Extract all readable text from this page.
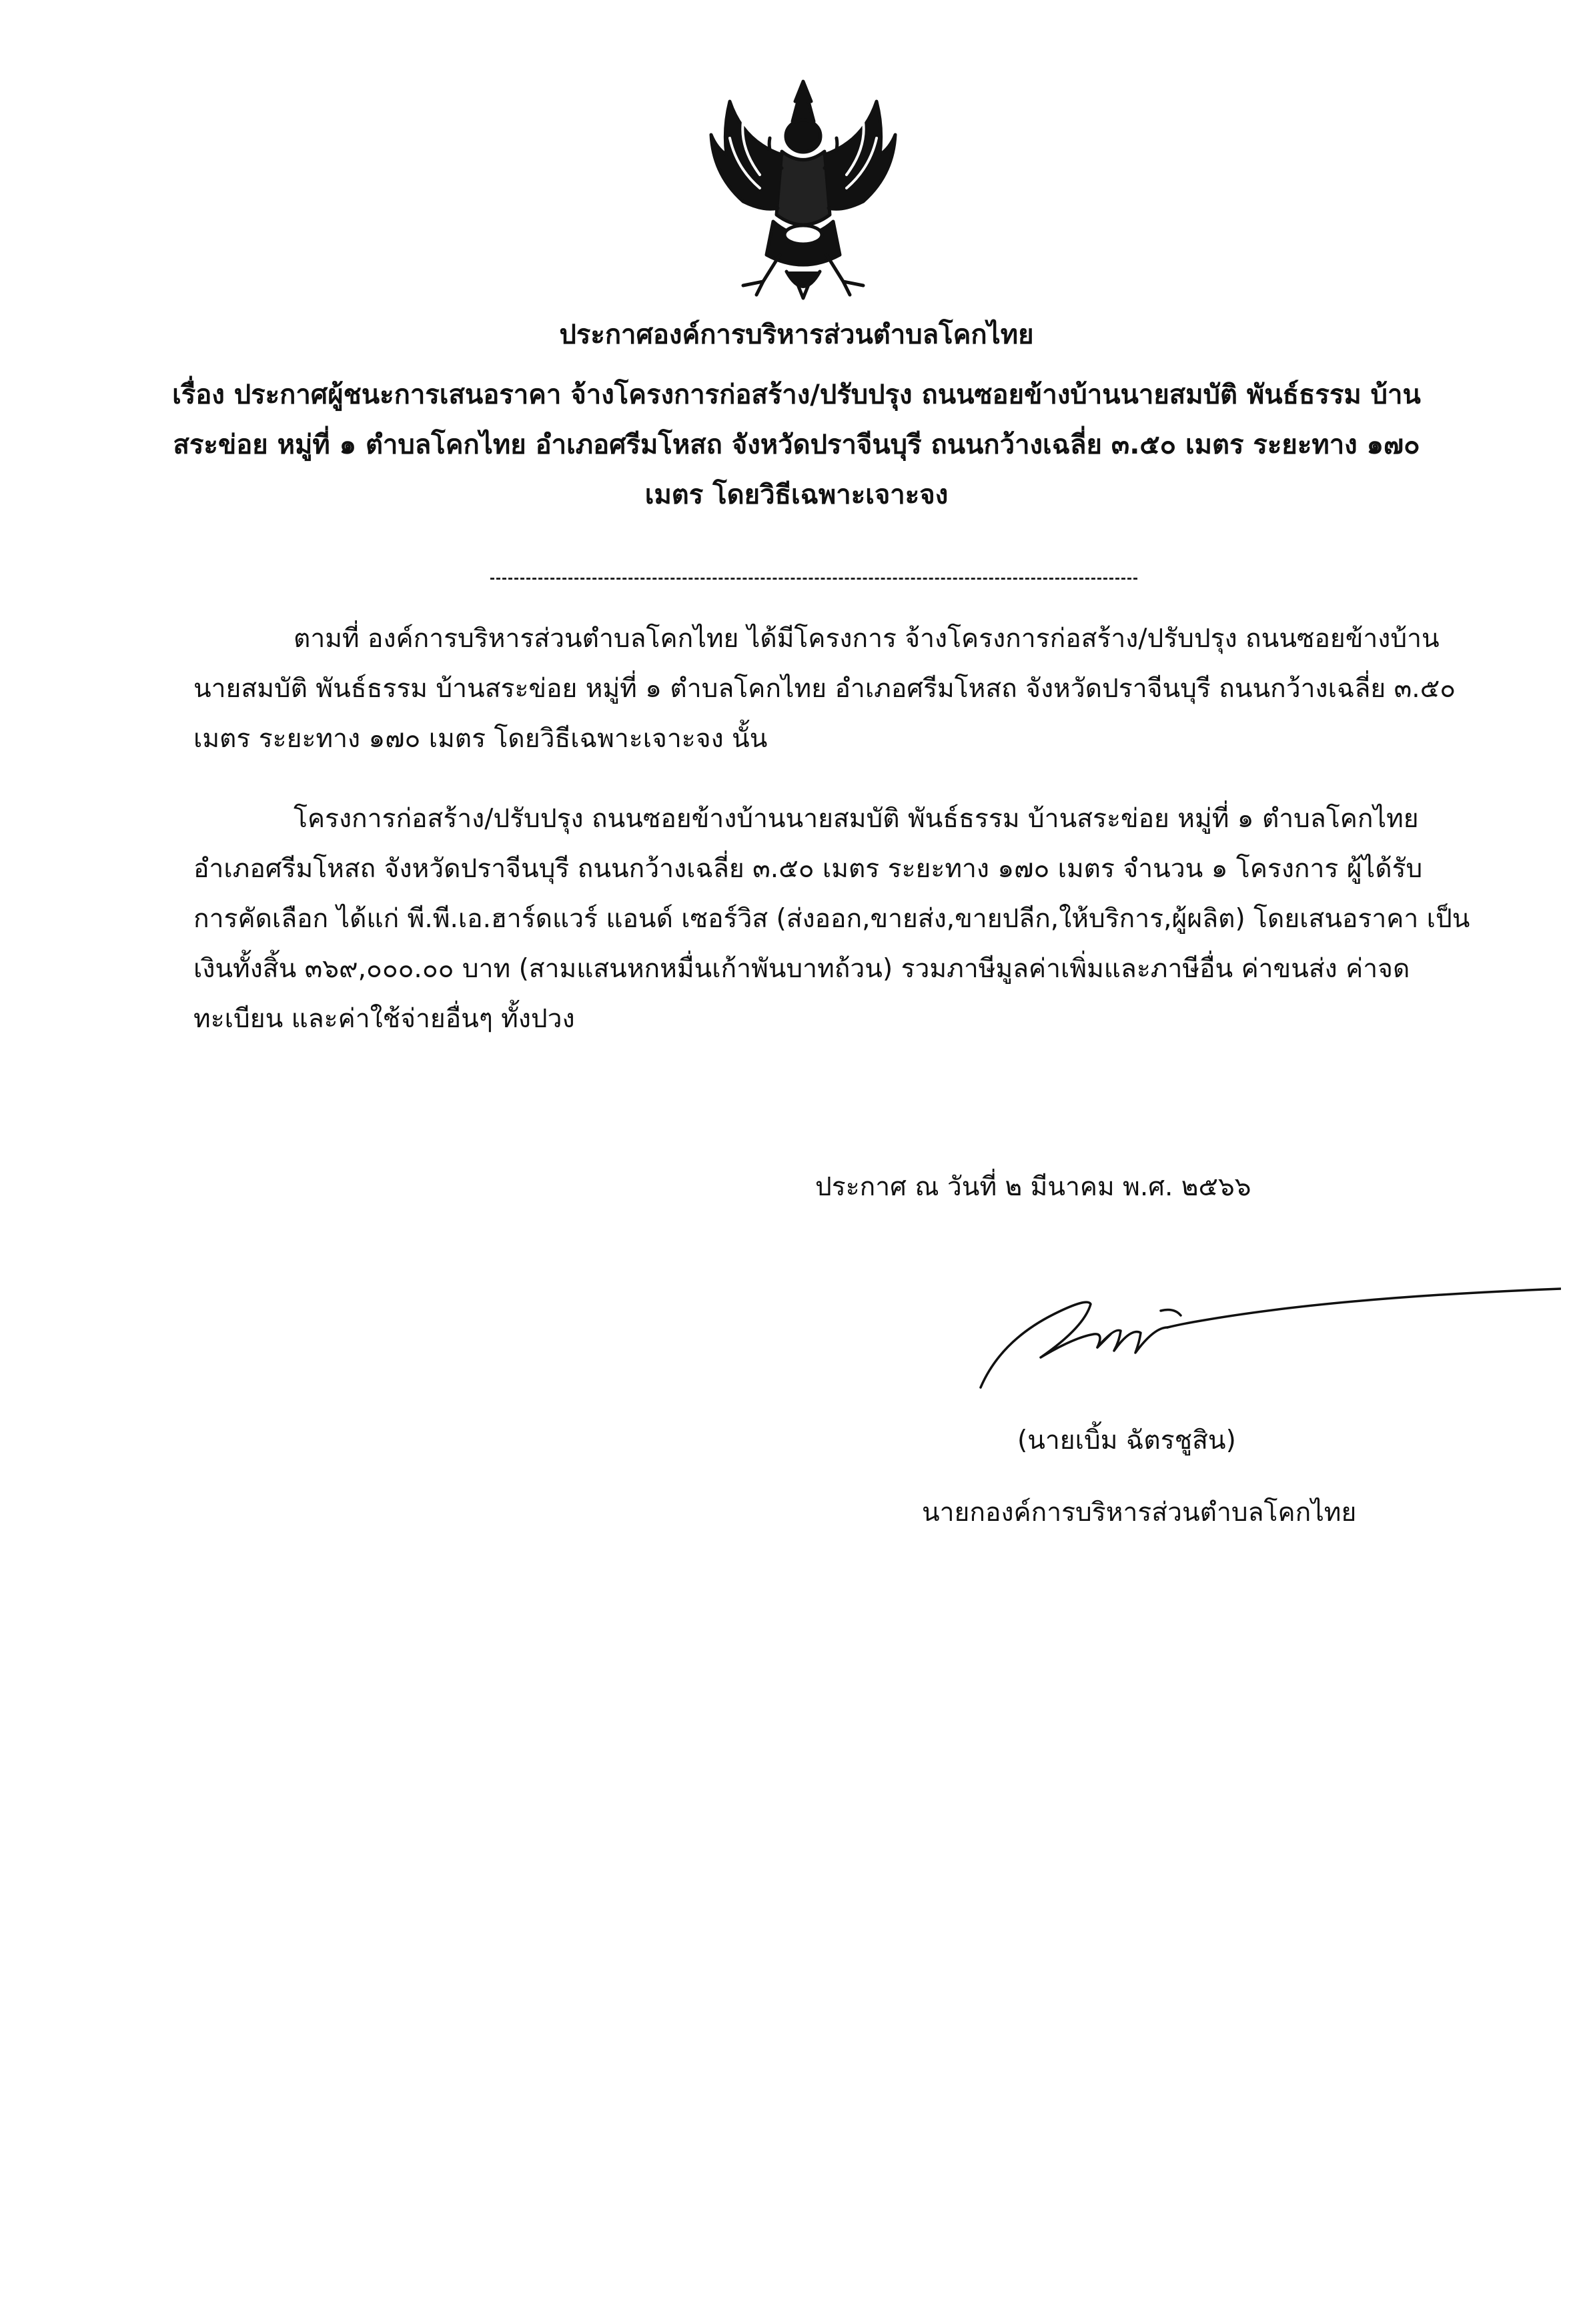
ประกาศองค์การบริหารส่วนตำบลโคกไทย
เรื่อง ประกาศผู้ชนะการเสนอราคา จ้างโครงการก่อสร้าง/ปรับปรุง ถนนซอยข้างบ้านนายสมบัติ พันธ์ธรรม บ้าน
สระข่อย หมู่ที่ ๑ ตำบลโคกไทย อำเภอศรีมโหสถ จังหวัดปราจีนบุรี ถนนกว้างเฉลี่ย ๓.๕๐ เมตร ระยะทาง ๑๗๐
เมตร โดยวิธีเฉพาะเจาะจง
ตามที่ องค์การบริหารส่วนตำบลโคกไทย ได้มีโครงการ จ้างโครงการก่อสร้าง/ปรับปรุง ถนนซอยข้างบ้าน
นายสมบัติ พันธ์ธรรม บ้านสระข่อย หมู่ที่ ๑ ตำบลโคกไทย อำเภอศรีมโหสถ จังหวัดปราจีนบุรี ถนนกว้างเฉลี่ย ๓.๕๐
เมตร ระยะทาง ๑๗๐ เมตร โดยวิธีเฉพาะเจาะจง นั้น
โครงการก่อสร้าง/ปรับปรุง ถนนซอยข้างบ้านนายสมบัติ พันธ์ธรรม บ้านสระข่อย หมู่ที่ ๑ ตำบลโคกไทย
อำเภอศรีมโหสถ จังหวัดปราจีนบุรี ถนนกว้างเฉลี่ย ๓.๕๐ เมตร ระยะทาง ๑๗๐ เมตร จำนวน ๑ โครงการ ผู้ได้รับ
การคัดเลือก ได้แก่ พี.พี.เอ.ฮาร์ดแวร์ แอนด์ เซอร์วิส (ส่งออก,ขายส่ง,ขายปลีก,ให้บริการ,ผู้ผลิต) โดยเสนอราคา เป็น
เงินทั้งสิ้น ๓๖๙,๐๐๐.๐๐ บาท (สามแสนหกหมื่นเก้าพันบาทถ้วน) รวมภาษีมูลค่าเพิ่มและภาษีอื่น ค่าขนส่ง ค่าจด
ทะเบียน และค่าใช้จ่ายอื่นๆ ทั้งปวง
ประกาศ ณ วันที่ ๒ มีนาคม พ.ศ. ๒๕๖๖
(นายเบิ้ม ฉัตรชูสิน)
นายกองค์การบริหารส่วนตำบลโคกไทย
